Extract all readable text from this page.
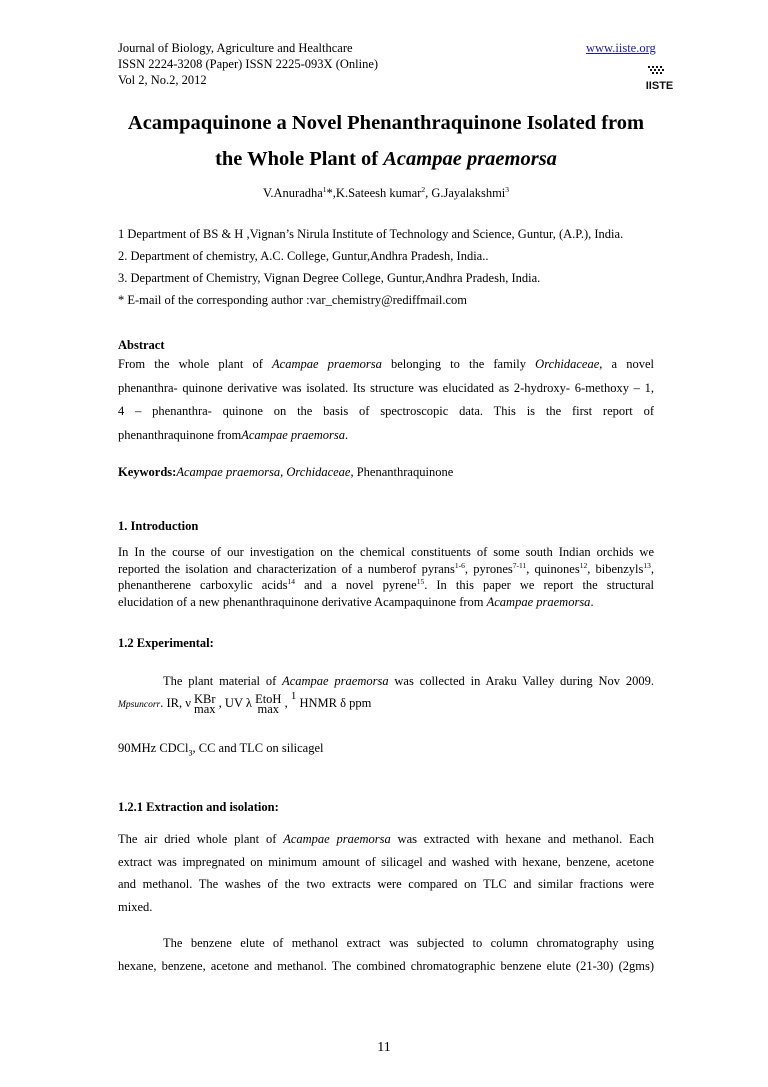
Journal of Biology, Agriculture and Healthcare
ISSN 2224-3208 (Paper) ISSN 2225-093X (Online)
Vol 2, No.2, 2012
www.iiste.org
IISTE
Acampaquinone a Novel Phenanthraquinone Isolated from
the Whole Plant of Acampae praemorsa
V.Anuradha$^1$*,K.Sateesh kumar$^2$, G.Jayalakshmi$^3$
1 Department of BS & H ,Vignan’s Nirula Institute of Technology and Science, Guntur, (A.P.), India.
2. Department of chemistry, A.C. College, Guntur,Andhra Pradesh, India..
3. Department of Chemistry, Vignan Degree College, Guntur,Andhra Pradesh, India.
* E-mail of the corresponding author :var_chemistry@rediffmail.com
Abstract
From the whole plant of Acampae praemorsa belonging to the family Orchidaceae, a novel
phenanthra- quinone derivative was isolated. Its structure was elucidated as 2-hydroxy- 6-methoxy – 1,
4 – phenanthra- quinone on the basis of spectroscopic data. This is the first report of
phenanthraquinone fromAcampae praemorsa.
Keywords:Acampae praemorsa, Orchidaceae, Phenanthraquinone
1. Introduction
In In the course of our investigation on the chemical constituents of some south Indian orchids we
reported the isolation and characterization of a numberof pyrans$^{1-6}$, pyrones$^{7-11}$, quinones$^{12}$, bibenzyls$^{13}$,
phenantherene carboxylic acids$^{14}$ and a novel pyrene$^{15}$. In this paper we report the structural
elucidation of a new phenanthraquinone derivative Acampaquinone from Acampae praemorsa.
1.2 Experimental:
The plant material of Acampae praemorsa was collected in Araku Valley during Nov 2009.
Mpsuncorr. IR, ν KBr
max , UV λ EtoH
max , $^1$ HNMR δ ppm
90MHz CDCl$_3$, CC and TLC on silicagel
1.2.1 Extraction and isolation:
The air dried whole plant of Acampae praemorsa was extracted with hexane and methanol. Each
extract was impregnated on minimum amount of silicagel and washed with hexane, benzene, acetone
and methanol. The washes of the two extracts were compared on TLC and similar fractions were
mixed.
The benzene elute of methanol extract was subjected to column chromatography using
hexane, benzene, acetone and methanol. The combined chromatographic benzene elute (21-30) (2gms)
11
